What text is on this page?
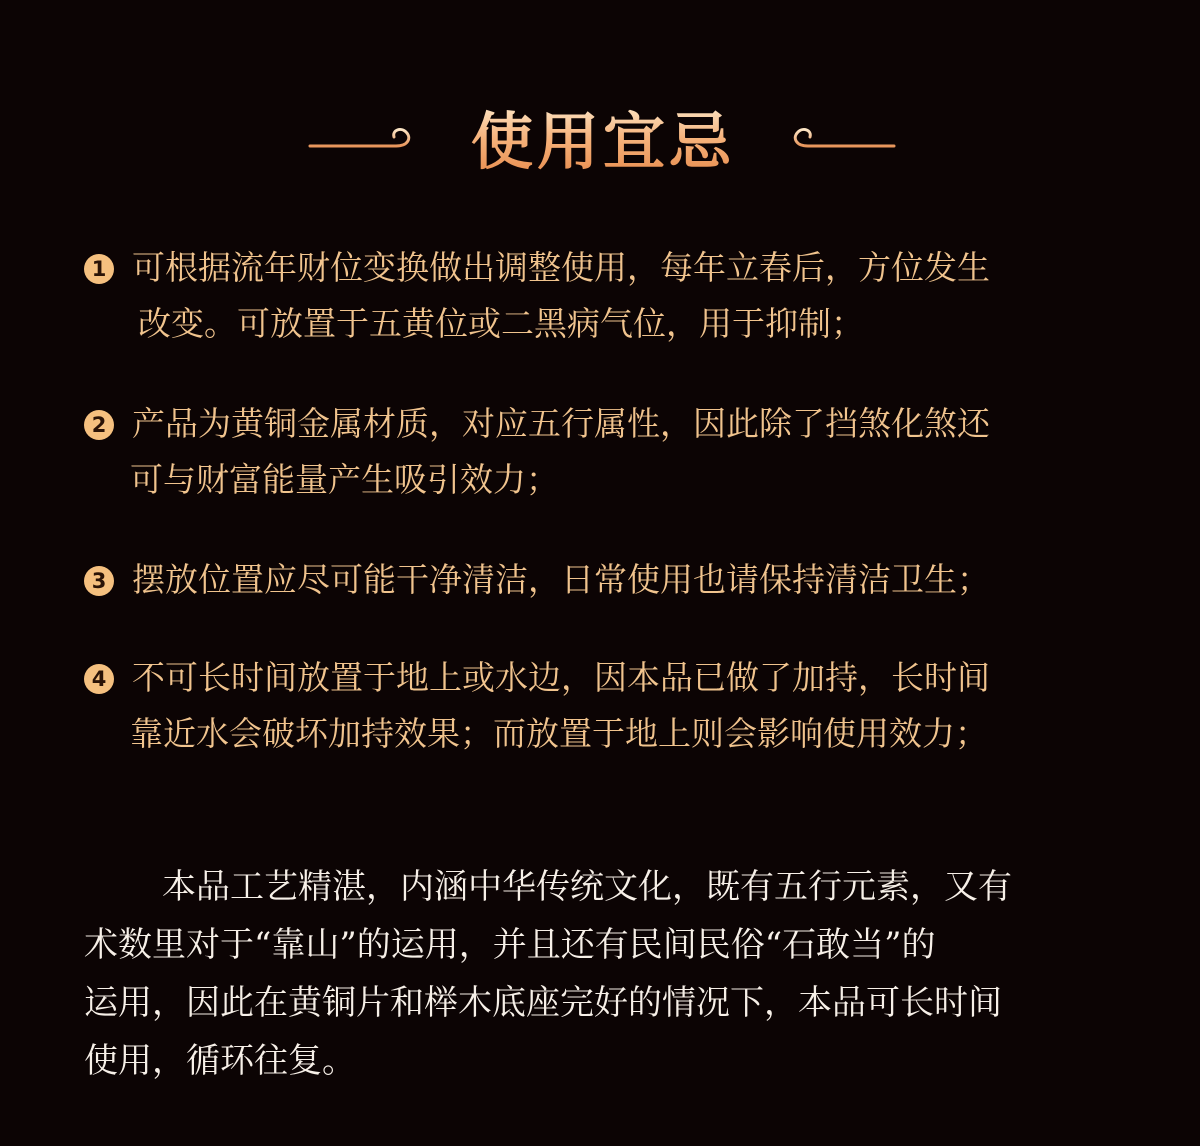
使用宜忌
1 可根据流年财位变换做出调整使用，每年立春后，方位发生
改变。可放置于五黄位或二黑病气位，用于抑制；
2 产品为黄铜金属材质，对应五行属性，因此除了挡煞化煞还
可与财富能量产生吸引效力；
3 摆放位置应尽可能干净清洁，日常使用也请保持清洁卫生；
4 不可长时间放置于地上或水边，因本品已做了加持，长时间
靠近水会破坏加持效果；而放置于地上则会影响使用效力；
本品工艺精湛，内涵中华传统文化，既有五行元素，又有
术数里对于“靠山”的运用，并且还有民间民俗“石敢当”的
运用，因此在黄铜片和榉木底座完好的情况下，本品可长时间
使用，循环往复。
